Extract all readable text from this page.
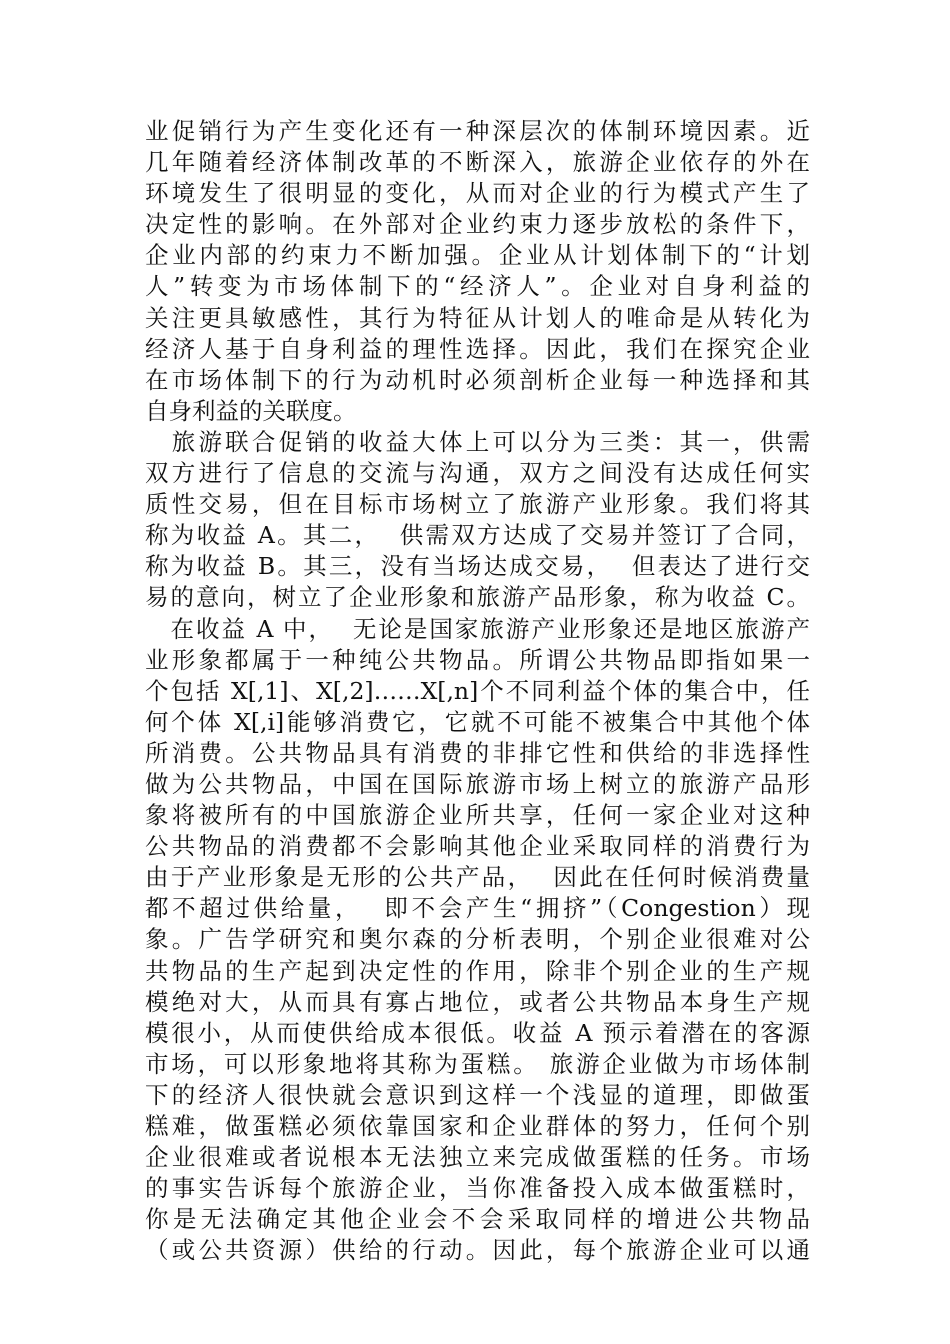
业促销行为产生变化还有一种深层次的体制环境因素。近
几年随着经济体制改革的不断深入，旅游企业依存的外在
环境发生了很明显的变化，从而对企业的行为模式产生了
决定性的影响。在外部对企业约束力逐步放松的条件下，
企业内部的约束力不断加强。企业从计划体制下的“计划
人”转变为市场体制下的“经济人”。企业对自身利益的
关注更具敏感性，其行为特征从计划人的唯命是从转化为
经济人基于自身利益的理性选择。因此，我们在探究企业
在市场体制下的行为动机时必须剖析企业每一种选择和其
自身利益的关联度。
　旅游联合促销的收益大体上可以分为三类：其一，供需
双方进行了信息的交流与沟通，双方之间没有达成任何实
质性交易，但在目标市场树立了旅游产业形象。我们将其
称为收益 A。其二，  供需双方达成了交易并签订了合同，
称为收益 B。其三，没有当场达成交易，  但表达了进行交
易的意向，树立了企业形象和旅游产品形象，称为收益 C。
　在收益 A 中，  无论是国家旅游产业形象还是地区旅游产
业形象都属于一种纯公共物品。所谓公共物品即指如果一
个包括 X[,1]、X[,2]……X[,n]个不同利益个体的集合中，任
何个体 X[,i]能够消费它，它就不可能不被集合中其他个体
所消费。公共物品具有消费的非排它性和供给的非选择性
做为公共物品，中国在国际旅游市场上树立的旅游产品形
象将被所有的中国旅游企业所共享，任何一家企业对这种
公共物品的消费都不会影响其他企业采取同样的消费行为
由于产业形象是无形的公共产品，  因此在任何时候消费量
都不超过供给量，  即不会产生“拥挤”（Congestion）现
象。广告学研究和奥尔森的分析表明，个别企业很难对公
共物品的生产起到决定性的作用，除非个别企业的生产规
模绝对大，从而具有寡占地位，或者公共物品本身生产规
模很小，从而使供给成本很低。收益 A 预示着潜在的客源
市场，可以形象地将其称为蛋糕。 旅游企业做为市场体制
下的经济人很快就会意识到这样一个浅显的道理，即做蛋
糕难，做蛋糕必须依靠国家和企业群体的努力，任何个别
企业很难或者说根本无法独立来完成做蛋糕的任务。市场
的事实告诉每个旅游企业，当你准备投入成本做蛋糕时，
你是无法确定其他企业会不会采取同样的增进公共物品
（或公共资源）供给的行动。因此，每个旅游企业可以通
